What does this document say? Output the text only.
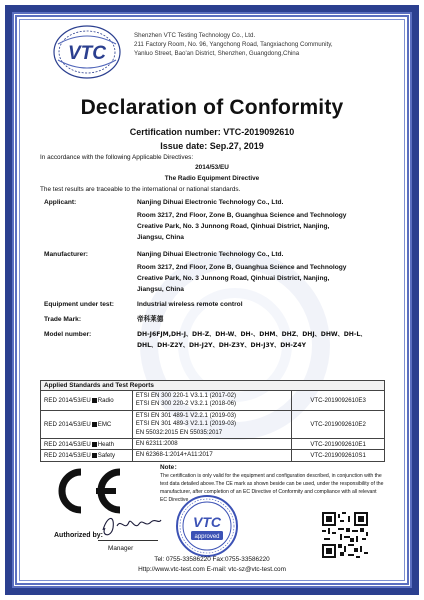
VTC
Shenzhen VTC Testing Technology Co., Ltd.
211 Factory Room, No. 96, Yangchong Road, Tangxiachong Community,
Yanluo Street, Bao'an District, Shenzhen, Guangdong,China
Declaration of Conformity
Certification number: VTC-2019092610
Issue date: Sep.27, 2019
In accordance with the following Applicable Directives:
2014/53/EU
The Radio Equipment Directive
The test results are traceable to the international or national standards.
Applicant:	Nanjing Dihuai Electronic Technology Co., Ltd.
Room 3217, 2nd Floor, Zone B, Guanghua Science and Technology
Creative Park, No. 3 Junnong Road, Qinhuai District, Nanjing,
Jiangsu, China
Manufacturer:	Nanjing Dihuai Electronic Technology Co., Ltd.
Room 3217, 2nd Floor, Zone B, Guanghua Science and Technology
Creative Park, No. 3 Junnong Road, Qinhuai District, Nanjing,
Jiangsu, China
Equipment under test:	Industrial wireless remote control
Trade Mark:	帝科莱德
Model number:	DH-J6FJM,DH-J、DH-Z、DH-W、DH-、DHM、DHZ、DHJ、DHW、DH-L、
DHL、DH-Z2Y、DH-J2Y、DH-Z3Y、DH-J3Y、DH-Z4Y
Applied Standards and Test Reports		
RED 2014/53/EU Radio	ETSI EN 300 220-1 V3.1.1 (2017-02)
ETSI EN 300 220-2 V3.2.1 (2018-06)	VTC-2019092610E3
RED 2014/53/EU EMC	ETSI EN 301 489-1 V2.2.1 (2019-03)
ETSI EN 301 489-3 V2.1.1 (2019-03)
EN 55032:2015 EN 55035:2017	VTC-2019092610E2
RED 2014/53/EU Heath	EN 62311:2008	VTC-2019092610E1
RED 2014/53/EU Safety	EN 62368-1:2014+A11:2017	VTC-2019092610S1
Note：
The certification is only valid for the equipment and configuration described, in conjunction with the test data detailed above.The CE mark as shown beside can be used, under the responsibility of the manufacturer, after completion of an EC Directive of Conformity and compliance with all relevant EC Directive
Authorized by:
Manager
VTC
approved
Tel: 0755-33586220 Fax:0755-33586220
Http://www.vtc-test.com E-mail: vtc-sz@vtc-test.com
